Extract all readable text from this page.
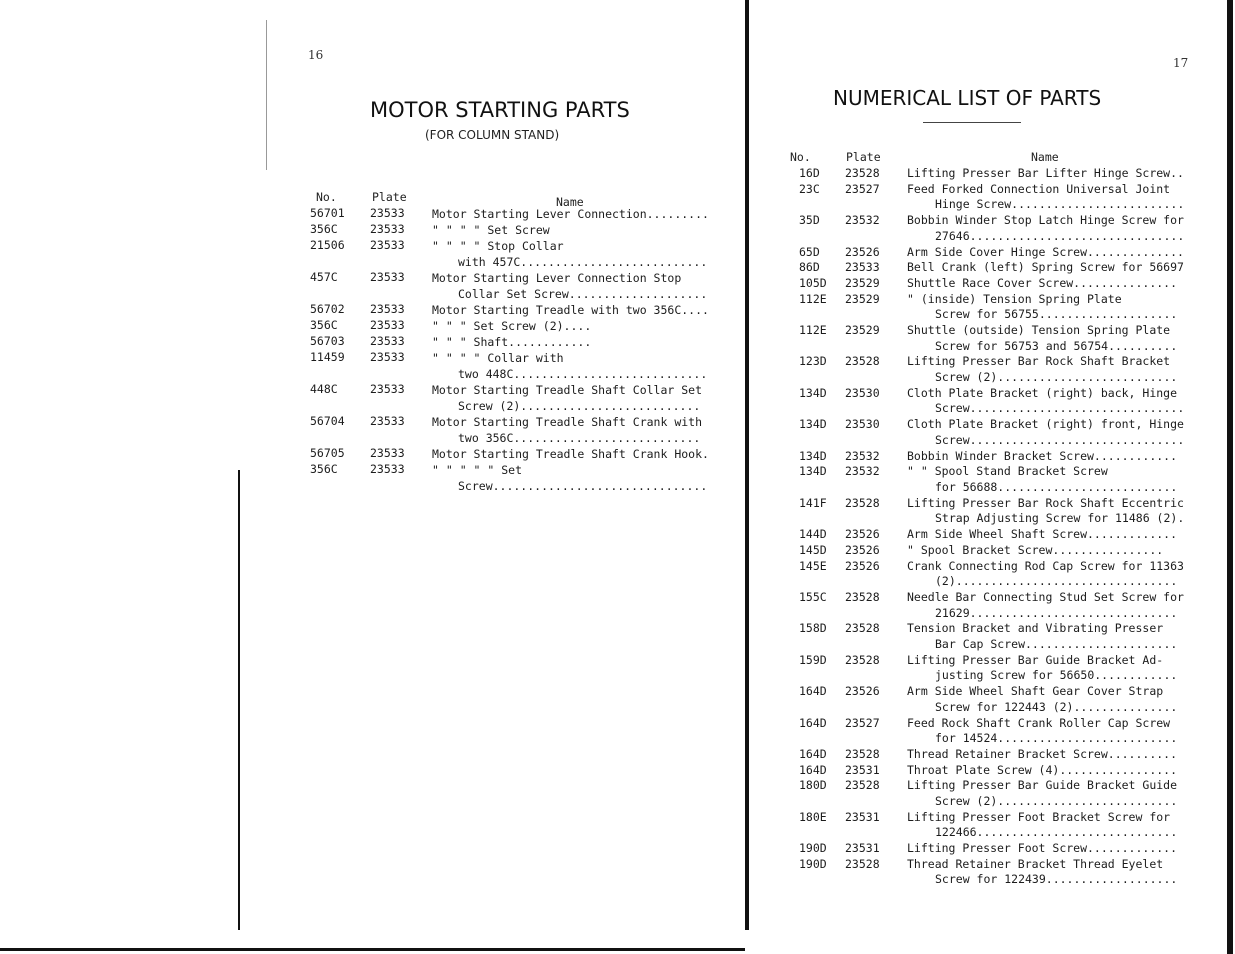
16
MOTOR STARTING PARTS
(FOR COLUMN STAND)
No.	Plate	Name
56701	23533	Motor Starting Lever Connection.........
356C	23533	" " " " Set Screw
21506	23533	" " " " Stop Collar
with 457C...........................
457C	23533	Motor Starting Lever Connection Stop
Collar Set Screw....................
56702	23533	Motor Starting Treadle with two 356C....
356C	23533	" " " Set Screw (2)....
56703	23533	" " " Shaft............
11459	23533	" " " " Collar with
two 448C............................
448C	23533	Motor Starting Treadle Shaft Collar Set
Screw (2)..........................
56704	23533	Motor Starting Treadle Shaft Crank with
two 356C...........................
56705	23533	Motor Starting Treadle Shaft Crank Hook.
356C	23533	" " " " " Set
Screw...............................
17
NUMERICAL LIST OF PARTS
No.	Plate	Name
16D	23528	Lifting Presser Bar Lifter Hinge Screw..
23C	23527	Feed Forked Connection Universal Joint
Hinge Screw.........................
35D	23532	Bobbin Winder Stop Latch Hinge Screw for
27646...............................
65D	23526	Arm Side Cover Hinge Screw..............
86D	23533	Bell Crank (left) Spring Screw for 56697
105D	23529	Shuttle Race Cover Screw...............
112E	23529	" (inside) Tension Spring Plate
Screw for 56755....................
112E	23529	Shuttle (outside) Tension Spring Plate
Screw for 56753 and 56754..........
123D	23528	Lifting Presser Bar Rock Shaft Bracket
Screw (2)..........................
134D	23530	Cloth Plate Bracket (right) back, Hinge
Screw...............................
134D	23530	Cloth Plate Bracket (right) front, Hinge
Screw...............................
134D	23532	Bobbin Winder Bracket Screw............
134D	23532	" " Spool Stand Bracket Screw
for 56688..........................
141F	23528	Lifting Presser Bar Rock Shaft Eccentric
Strap Adjusting Screw for 11486 (2).
144D	23526	Arm Side Wheel Shaft Screw.............
145D	23526	" Spool Bracket Screw................
145E	23526	Crank Connecting Rod Cap Screw for 11363
(2)................................
155C	23528	Needle Bar Connecting Stud Set Screw for
21629..............................
158D	23528	Tension Bracket and Vibrating Presser
Bar Cap Screw......................
159D	23528	Lifting Presser Bar Guide Bracket Ad-
justing Screw for 56650............
164D	23526	Arm Side Wheel Shaft Gear Cover Strap
Screw for 122443 (2)...............
164D	23527	Feed Rock Shaft Crank Roller Cap Screw
for 14524..........................
164D	23528	Thread Retainer Bracket Screw..........
164D	23531	Throat Plate Screw (4).................
180D	23528	Lifting Presser Bar Guide Bracket Guide
Screw (2)..........................
180E	23531	Lifting Presser Foot Bracket Screw for
122466.............................
190D	23531	Lifting Presser Foot Screw.............
190D	23528	Thread Retainer Bracket Thread Eyelet
Screw for 122439...................
